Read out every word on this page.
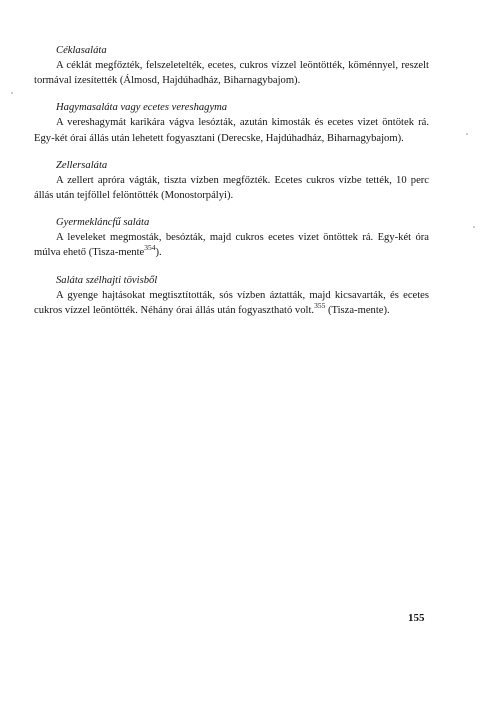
Céklasaláta

A céklát megfőzték, felszeletelték, ecetes, cukros vízzel leöntötték, köménnyel, reszelt tormával ízesítették (Álmosd, Hajdúhadház, Biharnagybajom).

Hagymasaláta vagy ecetes vereshagyma

A vereshagymát karikára vágva lesózták, azután kimosták és ecetes vizet öntötek rá. Egy-két órai állás után lehetett fogyasztani (Derecske, Hajdúhadház, Biharnagybajom).

Zellersaláta

A zellert apróra vágták, tiszta vízben megfőzték. Ecetes cukros vízbe tették, 10 perc állás után tejföllel felöntötték (Monostorpályi).

Gyermekláncfű saláta

A leveleket megmosták, besózták, majd cukros ecetes vizet öntöttek rá. Egy-két óra múlva ehető (Tisza-mente$^{354}$).

Saláta szélhajti tövisből

A gyenge hajtásokat megtisztították, sós vízben áztatták, majd kicsavarták, és ecetes cukros vízzel leöntötték. Néhány órai állás után fogyasztható volt.$^{355}$ (Tisza-mente).

155
